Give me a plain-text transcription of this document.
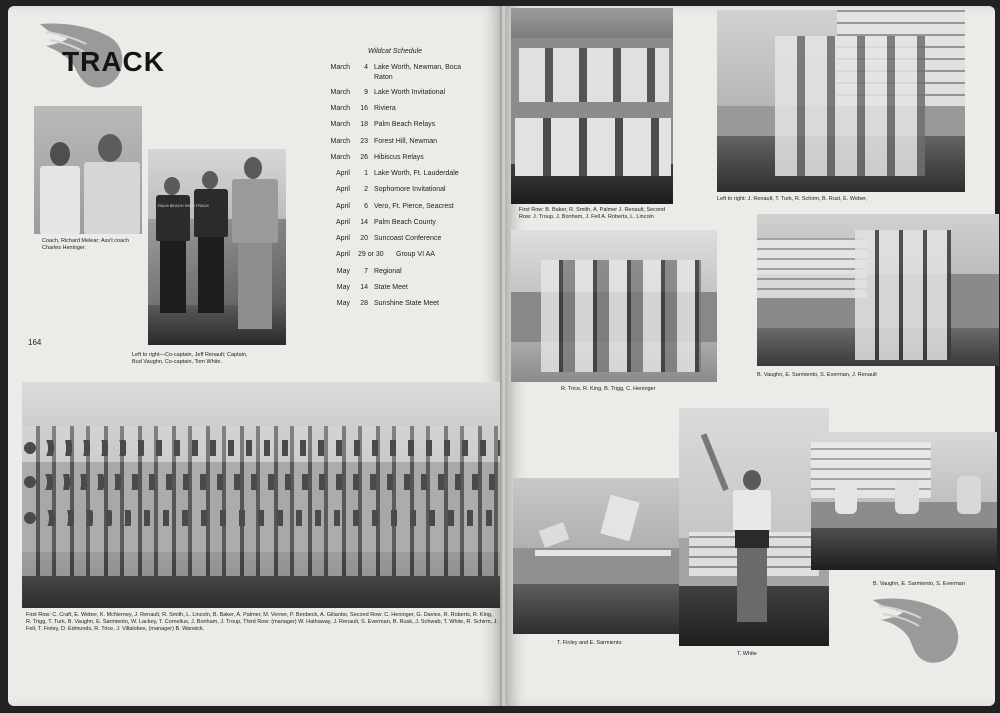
TRACK
Coach, Richard Melear; Ass't coach Charles Heninger.
PALM BEACH HIGH TRACK
Left to right—Co-captain, Jeff Renault; Captain, Bud Vaughn, Co-captain, Tom White.
164
Wildcat Schedule
March	4 Lake Worth, Newman, Boca
Raton
March	9 Lake Worth Invitational
March	16 Riviera
March	18 Palm Beach Relays
March	23 Forest Hill, Newman
March	26 Hibiscus Relays
April	1 Lake Worth, Ft. Lauderdale
April	2 Sophomore Invitational
April	6 Vero, Ft. Pierce, Seacrest
April	14 Palm Beach County
April	20 Suncoast Conference
April	29 or 30	Group VI AA
May	7 Regional
May	14 State Meet
May	28 Sunshine State Meet
First Row: C. Craft, E. Weber, K. McNerney, J. Renault, R. Smith, L. Lincoln, B. Baker, A. Palmer, M. Verner, P. Benbeck, A. Gilianbo, Second Row: C. Heninger, G. Davies, R. Roberts, R. King, R. Trigg, T. Turk, B. Vaughn, E. Sarmiento, W. Lackey, T. Cornelius, J. Bonham, J. Troup, Third Row: (manager) W. Hathaway, J. Renault, S. Everman, B. Rusk, J. Schwab, T. White, R. Schirm, J. Fell, T. Finley, D. Edmunds, R. Trice, J. Villalobes, (manager) B. Warwick.
First Row: B. Baker, R. Smith, A. Palmer J. Renault, Second Row: J. Troup, J. Bonham, J. Fell A. Roberts, L. Lincoln
Left to right: J. Renault, T. Turk, R. Schirm, B. Rust, E. Weber,
R. Trice, R. King, B. Trigg, C. Heninger
B. Vaughn, E. Sarmiento, S. Everman, J. Renault
T. Finley and E. Sarmiento
T. White
B. Vaughn, E. Sarmiento, S. Everman
